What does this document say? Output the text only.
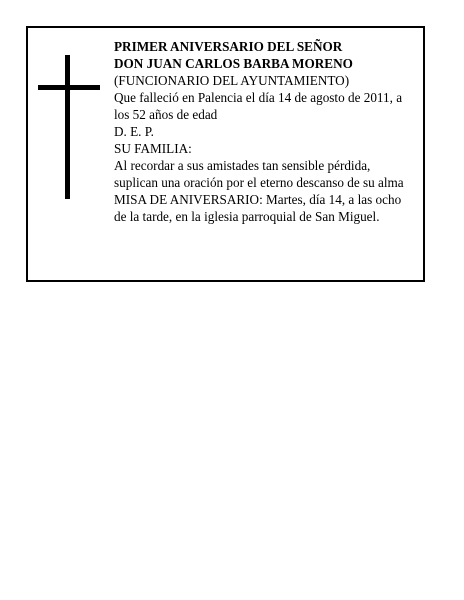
PRIMER ANIVERSARIO DEL SEÑOR
DON JUAN CARLOS BARBA MORENO
(FUNCIONARIO DEL AYUNTAMIENTO)
Que falleció en Palencia el día 14 de agosto de 2011, a
los 52 años de edad
D. E. P.
SU FAMILIA:
Al recordar a sus amistades tan sensible pérdida,
suplican una oración por el eterno descanso de su alma
MISA DE ANIVERSARIO: Martes, día 14, a las ocho
de la tarde, en la iglesia parroquial de San Miguel.
